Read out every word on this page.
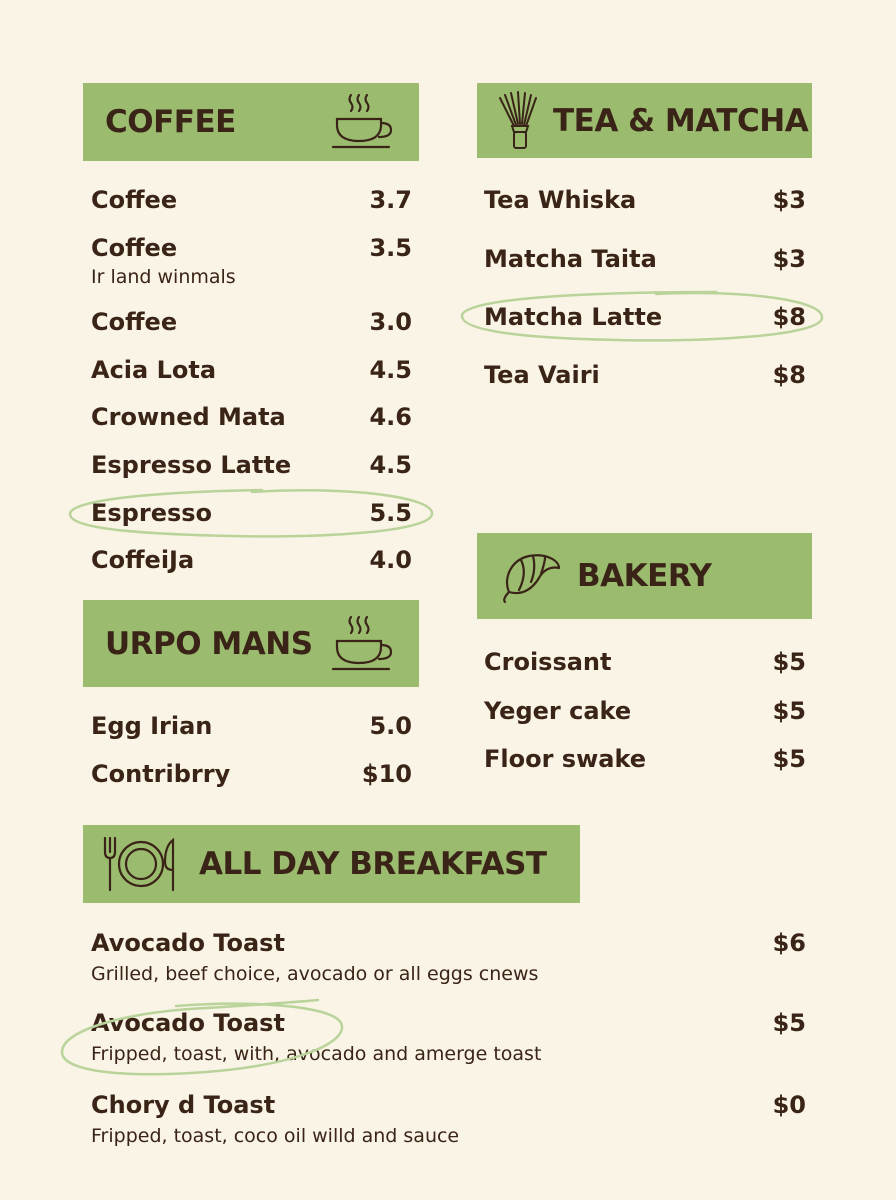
COFFEE
Coffee	3.7
Coffee	3.5
Ir land winmals
Coffee	3.0
Acia Lota	4.5
Crowned Mata	4.6
Espresso Latte	4.5
Espresso	5.5
CoffeiJa	4.0
TEA & MATCHA
Tea Whiska	$3
Matcha Taita	$3
Matcha Latte	$8
Tea Vairi	$8
URPO MANS
Egg Irian	5.0
Contribrry	$10
BAKERY
Croissant	$5
Yeger cake	$5
Floor swake	$5
ALL DAY BREAKFAST
Avocado Toast	$6
Grilled, beef choice, avocado or all eggs cnews
Avocado Toast	$5
Fripped, toast, with, avocado and amerge toast
Chory d Toast	$0
Fripped, toast, coco oil willd and sauce
